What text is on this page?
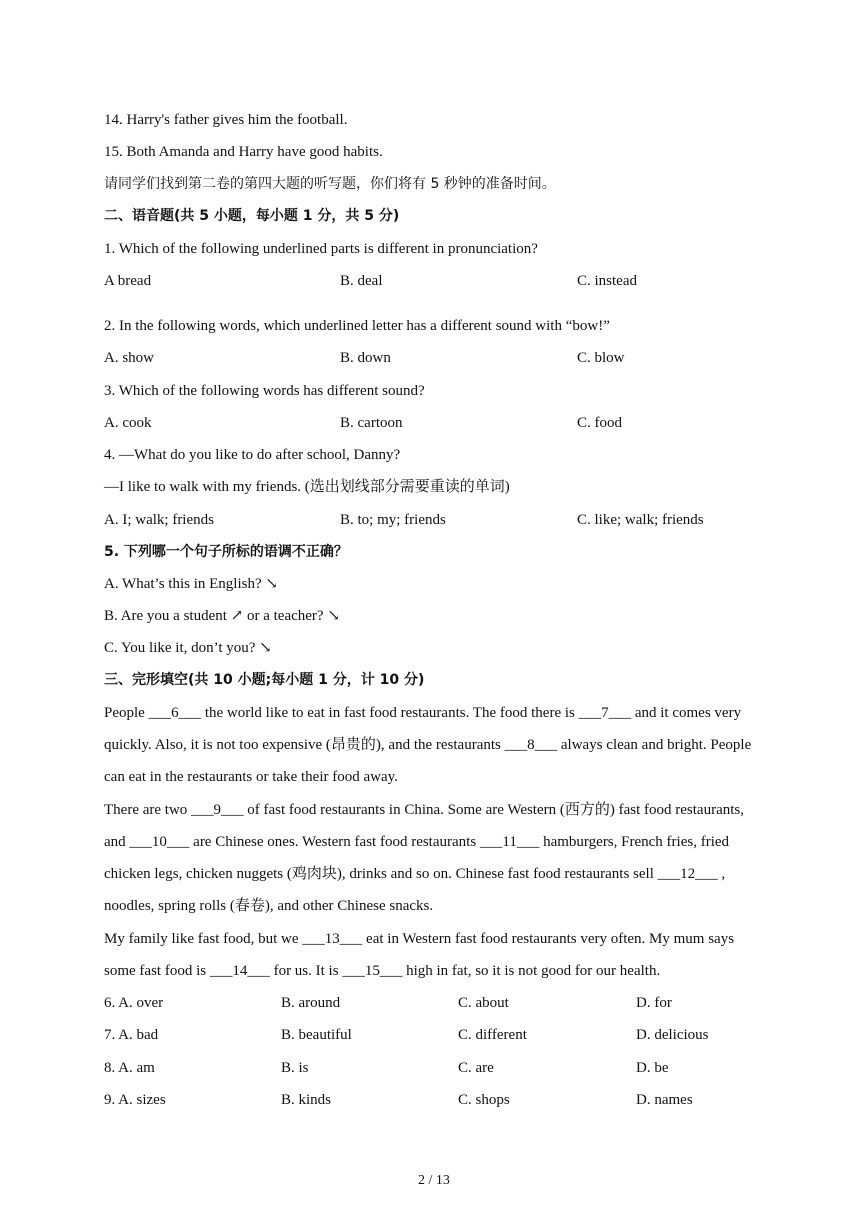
14. Harry's father gives him the football.
15. Both Amanda and Harry have good habits.
请同学们找到第二卷的第四大题的听写题，你们将有 5 秒钟的准备时间。
二、语音题(共 5 小题，每小题 1 分，共 5 分)
1. Which of the following underlined parts is different in pronunciation?
A bread	B. deal	C. instead
2. In the following words, which underlined letter has a different sound with “bow!”
A. show	B. down	C. blow
3. Which of the following words has different sound?
A. cook	B. cartoon	C. food
4. —What do you like to do after school, Danny?
—I like to walk with my friends. (选出划线部分需要重读的单词)
A. I; walk; friends	B. to; my; friends	C. like; walk; friends
5. 下列哪一个句子所标的语调不正确？
A. What’s this in English? ↘
B. Are you a student ↗ or a teacher? ↘
C. You like it, don’t you? ↘
三、完形填空(共 10 小题;每小题 1 分，计 10 分)
People ___6___ the world like to eat in fast food restaurants. The food there is ___7___ and it comes very quickly. Also, it is not too expensive (昂贵的), and the restaurants ___8___ always clean and bright. People can eat in the restaurants or take their food away.
There are two ___9___ of fast food restaurants in China. Some are Western (西方的) fast food restaurants, and ___10___ are Chinese ones. Western fast food restaurants ___11___ hamburgers, French fries, fried chicken legs, chicken nuggets (鸡肉块), drinks and so on. Chinese fast food restaurants sell ___12___ , noodles, spring rolls (春卷), and other Chinese snacks.
My family like fast food, but we ___13___ eat in Western fast food restaurants very often. My mum says some fast food is ___14___ for us. It is ___15___ high in fat, so it is not good for our health.
6. A. over	B. around	C. about	D. for
7. A. bad	B. beautiful	C. different	D. delicious
8. A. am	B. is	C. are	D. be
9. A. sizes	B. kinds	C. shops	D. names
2 / 13
